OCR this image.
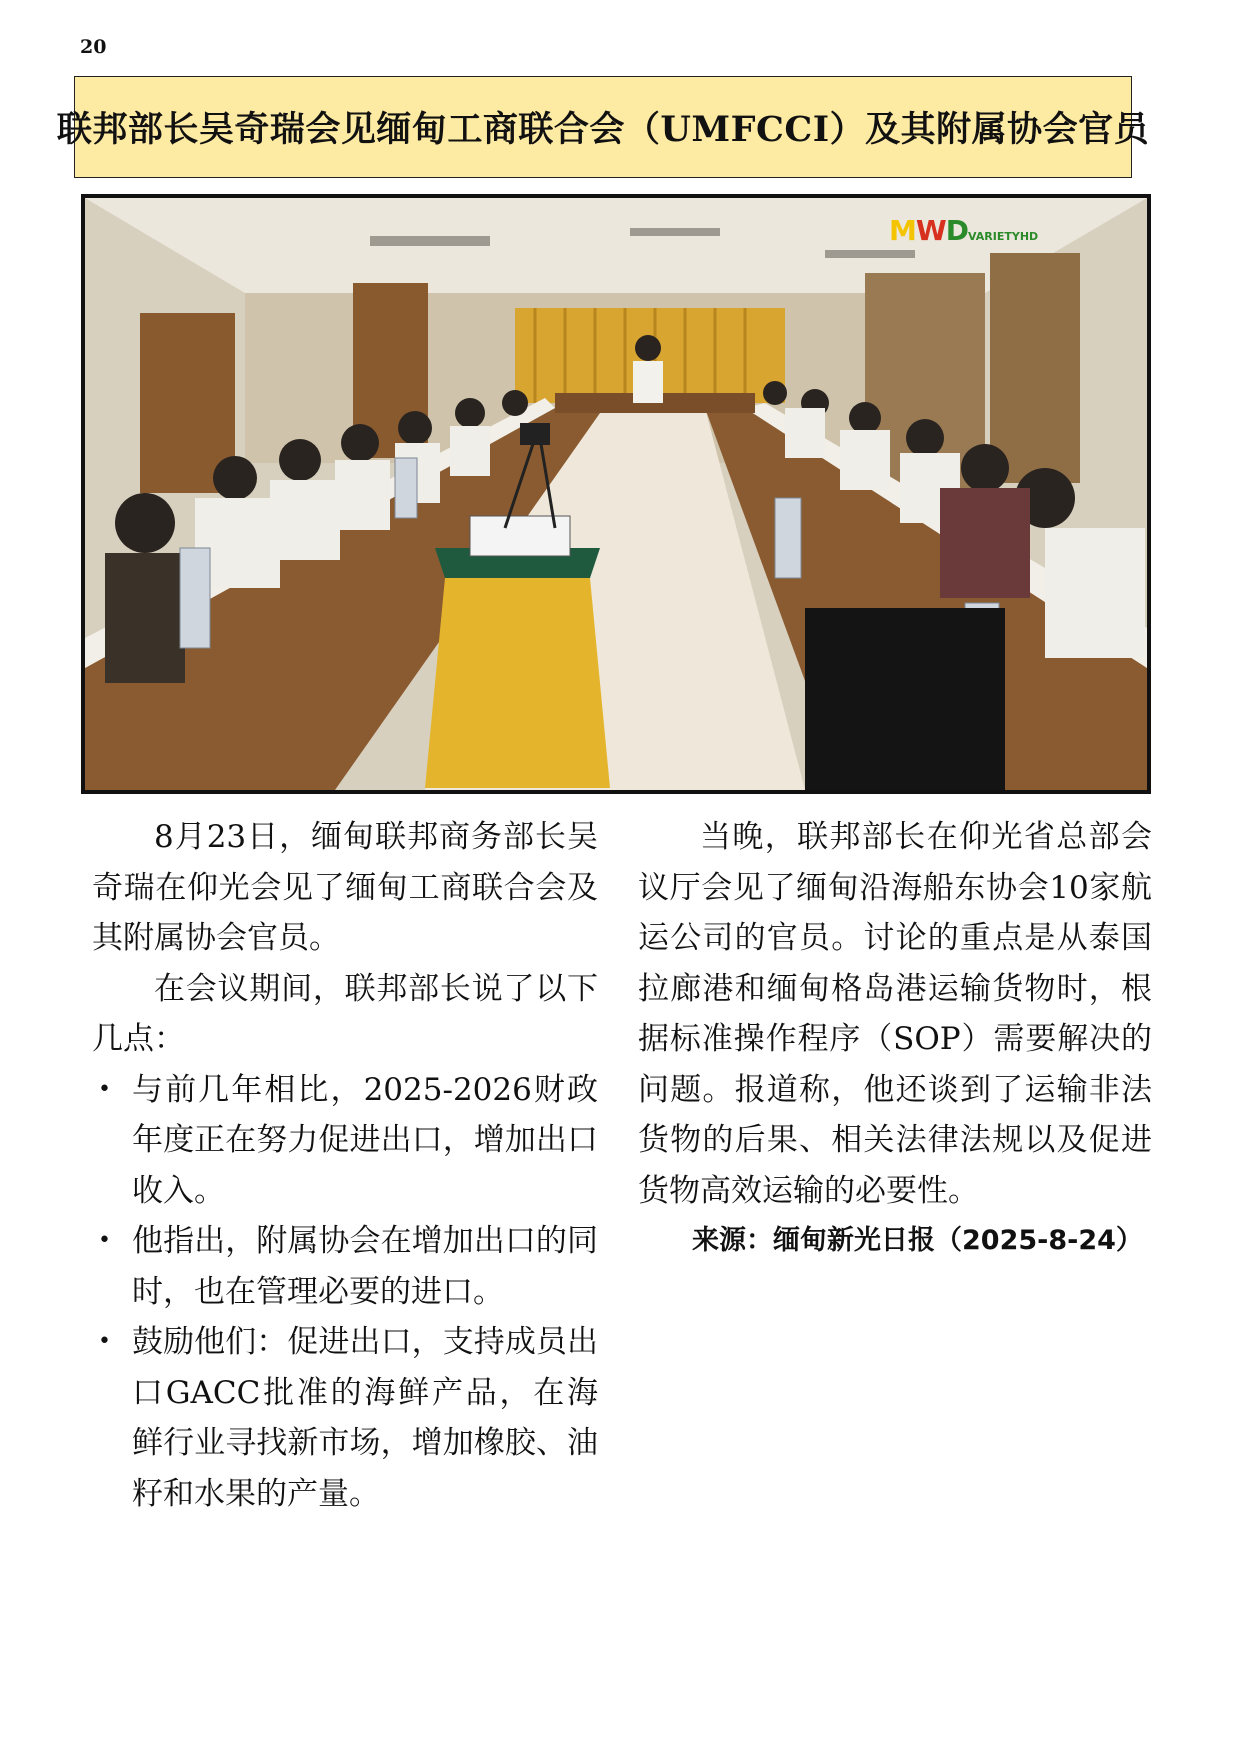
20
联邦部长吴奇瑞会见缅甸工商联合会（UMFCCI）及其附属协会官员
MWDVARIETYHD

8月23日，缅甸联邦商务部长吴奇瑞在仰光会见了缅甸工商联合会及其附属协会官员。

在会议期间，联邦部长说了以下几点：

• 与前几年相比，2025-2026财政年度正在努力促进出口，增加出口收入。
• 他指出，附属协会在增加出口的同时，也在管理必要的进口。
• 鼓励他们：促进出口，支持成员出口GACC批准的海鲜产品，在海鲜行业寻找新市场，增加橡胶、油籽和水果的产量。

当晚，联邦部长在仰光省总部会议厅会见了缅甸沿海船东协会10家航运公司的官员。讨论的重点是从泰国拉廊港和缅甸格岛港运输货物时，根据标准操作程序（SOP）需要解决的问题。报道称，他还谈到了运输非法货物的后果、相关法律法规以及促进货物高效运输的必要性。

来源：缅甸新光日报（2025-8-24）
